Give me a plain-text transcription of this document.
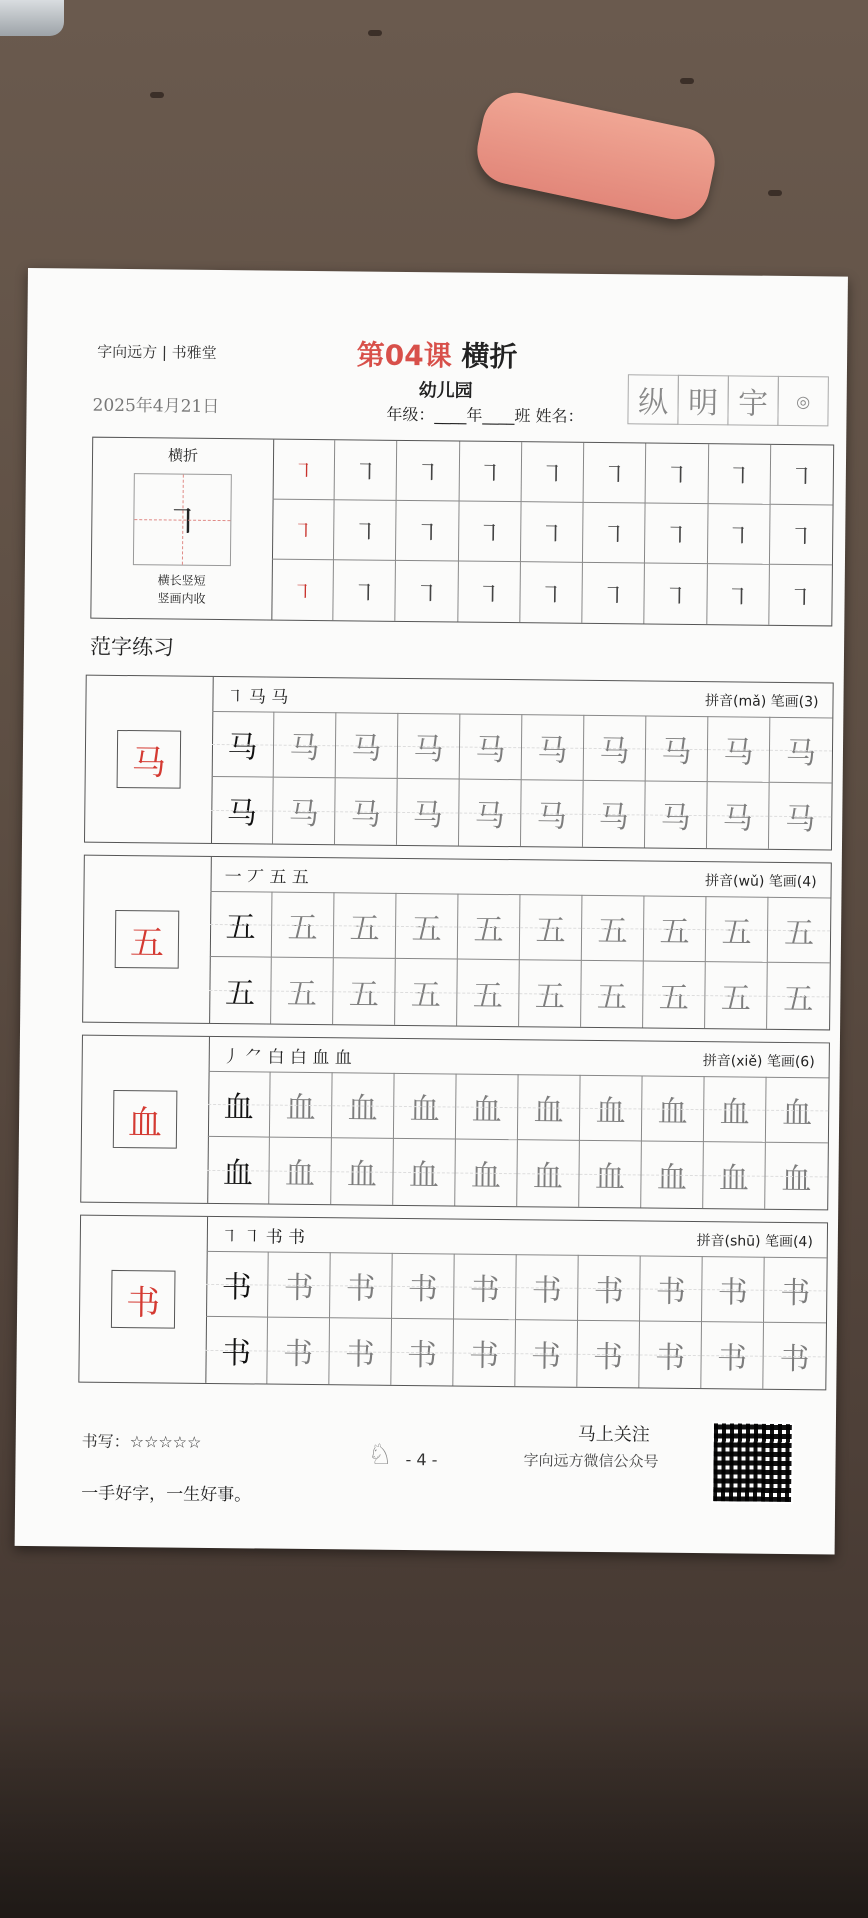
字向远方 | 书雅堂	第04课 横折
2025年4月21日
幼儿园
年级：____年____班 姓名：	纵 明 宇	◎
横折
㇕
横长竖短
竖画内收
㇕	㇕	㇕	㇕	㇕	㇕	㇕	㇕	㇕
㇕	㇕	㇕	㇕	㇕	㇕	㇕	㇕	㇕
㇕	㇕	㇕	㇕	㇕	㇕	㇕	㇕	㇕
范字练习
马
㇕ 马 马	拼音(mǎ) 笔画(3)
马	马	马	马	马	马	马	马	马	马
马	马	马	马	马	马	马	马	马	马
五
一 丆 五 五	拼音(wǔ) 笔画(4)
五	五	五	五	五	五	五	五	五	五
五	五	五	五	五	五	五	五	五	五
血
丿 ⺈ 白 白 血 血	拼音(xiě) 笔画(6)
血	血	血	血	血	血	血	血	血	血
血	血	血	血	血	血	血	血	血	血
书
㇕ ㇕ 书 书	拼音(shū) 笔画(4)
书	书	书	书	书	书	书	书	书	书
书	书	书	书	书	书	书	书	书	书
书写：☆☆☆☆☆
一手好字，一生好事。
♘ - 4 -
马上关注
字向远方微信公众号
